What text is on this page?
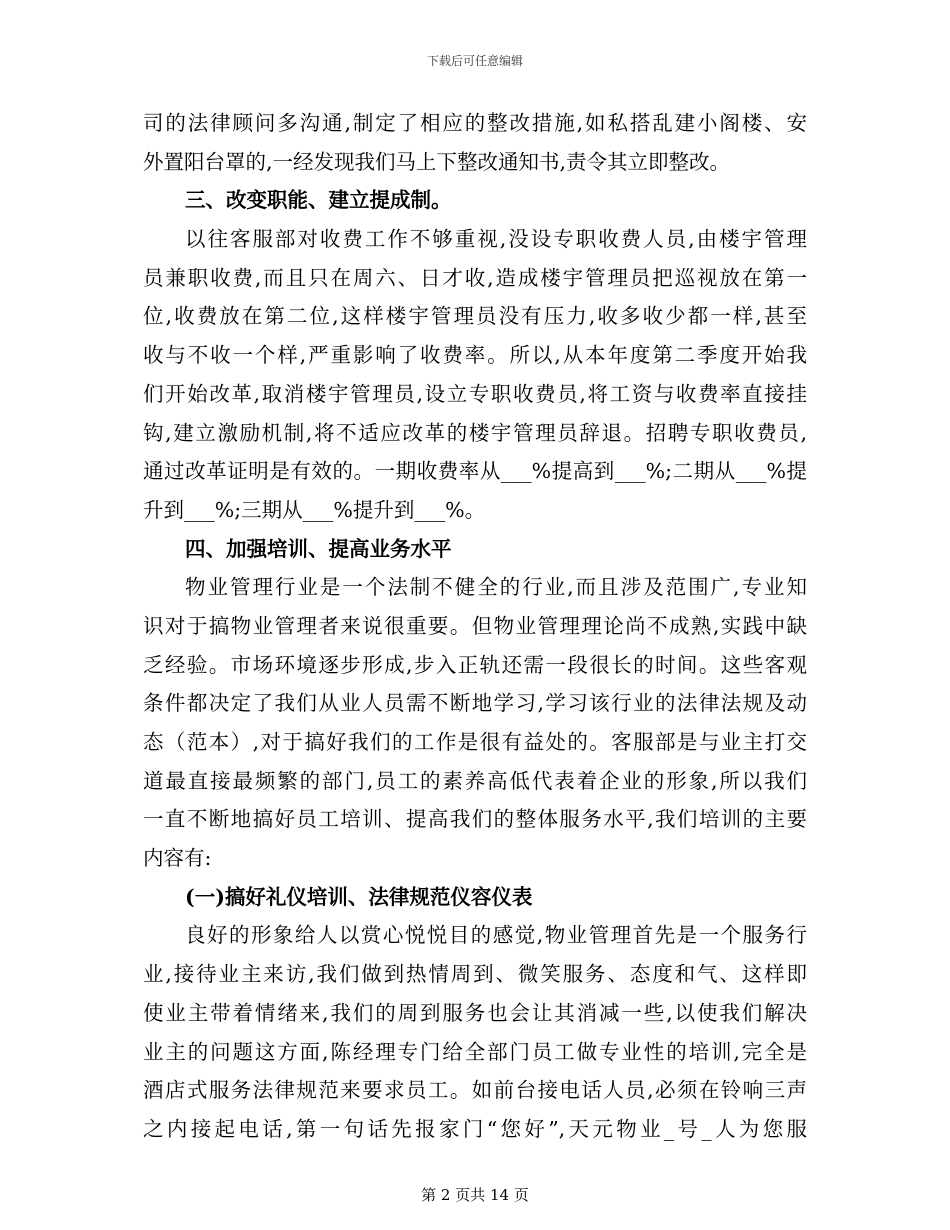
下载后可任意编辑
司的法律顾问多沟通,制定了相应的整改措施,如私搭乱建小阁楼、安
外置阳台罩的,一经发现我们马上下整改通知书,责令其立即整改。
三、改变职能、建立提成制。
以往客服部对收费工作不够重视,没设专职收费人员,由楼宇管理
员兼职收费,而且只在周六、日才收,造成楼宇管理员把巡视放在第一
位,收费放在第二位,这样楼宇管理员没有压力,收多收少都一样,甚至
收与不收一个样,严重影响了收费率。所以,从本年度第二季度开始我
们开始改革,取消楼宇管理员,设立专职收费员,将工资与收费率直接挂
钩,建立激励机制,将不适应改革的楼宇管理员辞退。招聘专职收费员,
通过改革证明是有效的。一期收费率从___%提高到___%;二期从___%提
升到___%;三期从___%提升到___%。
四、加强培训、提高业务水平
物业管理行业是一个法制不健全的行业,而且涉及范围广,专业知
识对于搞物业管理者来说很重要。但物业管理理论尚不成熟,实践中缺
乏经验。市场环境逐步形成,步入正轨还需一段很长的时间。这些客观
条件都决定了我们从业人员需不断地学习,学习该行业的法律法规及动
态（范本）,对于搞好我们的工作是很有益处的。客服部是与业主打交
道最直接最频繁的部门,员工的素养高低代表着企业的形象,所以我们
一直不断地搞好员工培训、提高我们的整体服务水平,我们培训的主要
内容有:
(一)搞好礼仪培训、法律规范仪容仪表
良好的形象给人以赏心悦悦目的感觉,物业管理首先是一个服务行
业,接待业主来访,我们做到热情周到、微笑服务、态度和气、这样即
使业主带着情绪来,我们的周到服务也会让其消减一些,以使我们解决
业主的问题这方面,陈经理专门给全部门员工做专业性的培训,完全是
酒店式服务法律规范来要求员工。如前台接电话人员,必须在铃响三声
之内接起电话,第一句话先报家门“您好”,天元物业_号_人为您服
第 2 页共 14 页
